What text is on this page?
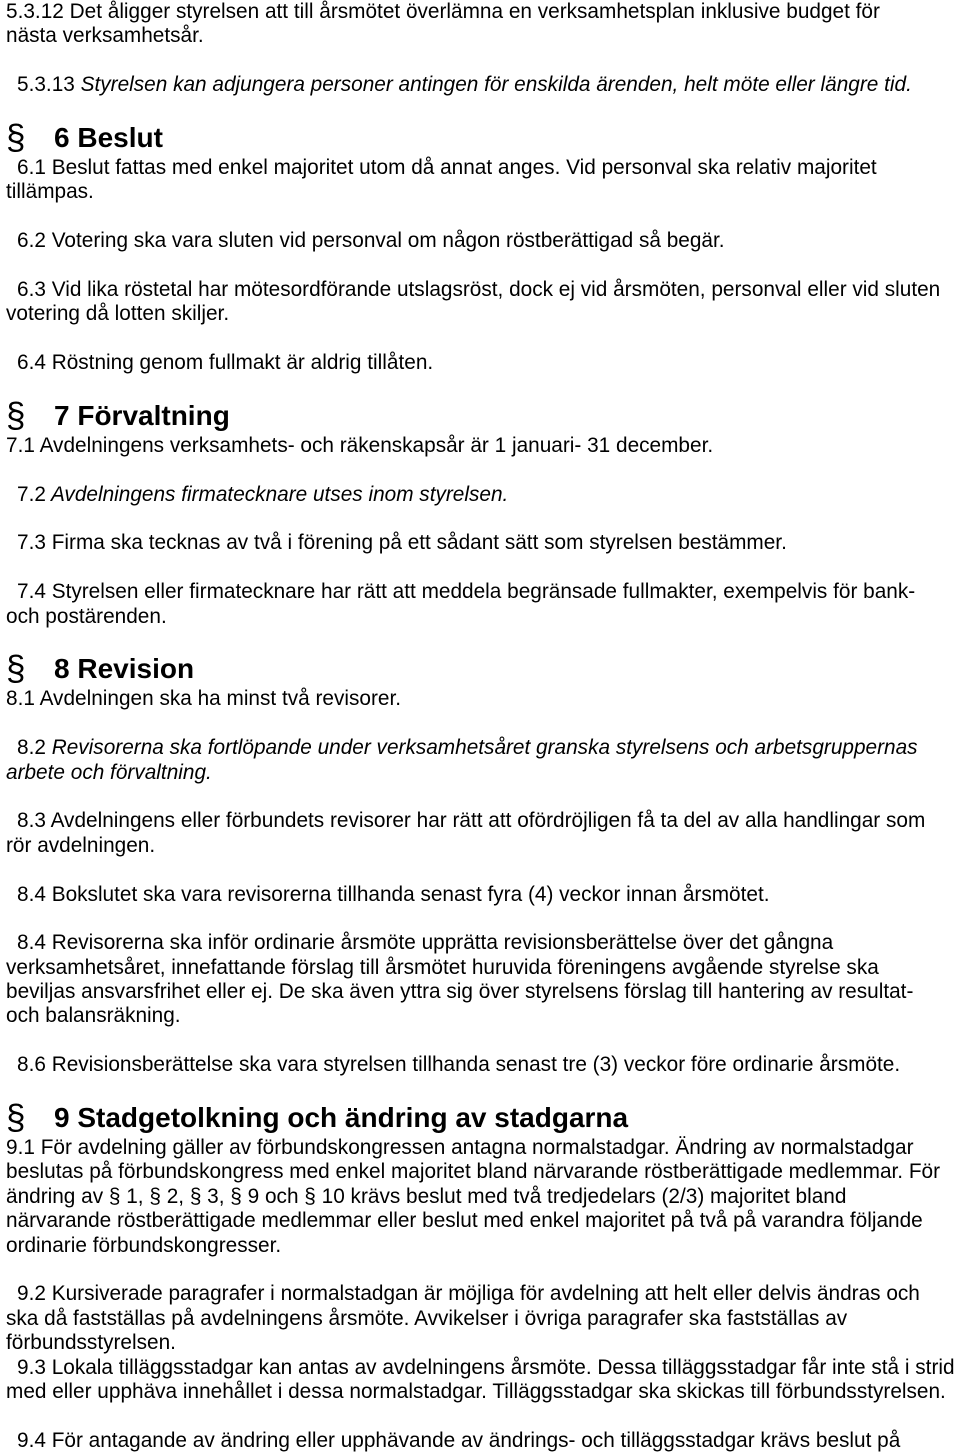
5.3.12 Det åligger styrelsen att till årsmötet överlämna en verksamhetsplan inklusive budget för
nästa verksamhetsår.
5.3.13 Styrelsen kan adjungera personer antingen för enskilda ärenden, helt möte eller längre tid.
§ 6 Beslut
6.1 Beslut fattas med enkel majoritet utom då annat anges. Vid personval ska relativ majoritet
tillämpas.
6.2 Votering ska vara sluten vid personval om någon röstberättigad så begär.
6.3 Vid lika röstetal har mötesordförande utslagsröst, dock ej vid årsmöten, personval eller vid sluten
votering då lotten skiljer.
6.4 Röstning genom fullmakt är aldrig tillåten.
§ 7 Förvaltning
7.1 Avdelningens verksamhets- och räkenskapsår är 1 januari- 31 december.
7.2 Avdelningens firmatecknare utses inom styrelsen.
7.3 Firma ska tecknas av två i förening på ett sådant sätt som styrelsen bestämmer.
7.4 Styrelsen eller firmatecknare har rätt att meddela begränsade fullmakter, exempelvis för bank-
och postärenden.
§ 8 Revision
8.1 Avdelningen ska ha minst två revisorer.
8.2 Revisorerna ska fortlöpande under verksamhetsåret granska styrelsens och arbetsgruppernas
arbete och förvaltning.
8.3 Avdelningens eller förbundets revisorer har rätt att ofördröjligen få ta del av alla handlingar som
rör avdelningen.
8.4 Bokslutet ska vara revisorerna tillhanda senast fyra (4) veckor innan årsmötet.
8.4 Revisorerna ska inför ordinarie årsmöte upprätta revisionsberättelse över det gångna
verksamhetsåret, innefattande förslag till årsmötet huruvida föreningens avgående styrelse ska
beviljas ansvarsfrihet eller ej. De ska även yttra sig över styrelsens förslag till hantering av resultat-
och balansräkning.
8.6 Revisionsberättelse ska vara styrelsen tillhanda senast tre (3) veckor före ordinarie årsmöte.
§ 9 Stadgetolkning och ändring av stadgarna
9.1 För avdelning gäller av förbundskongressen antagna normalstadgar. Ändring av normalstadgar
beslutas på förbundskongress med enkel majoritet bland närvarande röstberättigade medlemmar. För
ändring av § 1, § 2, § 3, § 9 och § 10 krävs beslut med två tredjedelars (2/3) majoritet bland
närvarande röstberättigade medlemmar eller beslut med enkel majoritet på två på varandra följande
ordinarie förbundskongresser.
9.2 Kursiverade paragrafer i normalstadgan är möjliga för avdelning att helt eller delvis ändras och
ska då fastställas på avdelningens årsmöte. Avvikelser i övriga paragrafer ska fastställas av
förbundsstyrelsen.
9.3 Lokala tilläggsstadgar kan antas av avdelningens årsmöte. Dessa tilläggsstadgar får inte stå i strid
med eller upphäva innehållet i dessa normalstadgar. Tilläggsstadgar ska skickas till förbundsstyrelsen.
9.4 För antagande av ändring eller upphävande av ändrings- och tilläggsstadgar krävs beslut på
